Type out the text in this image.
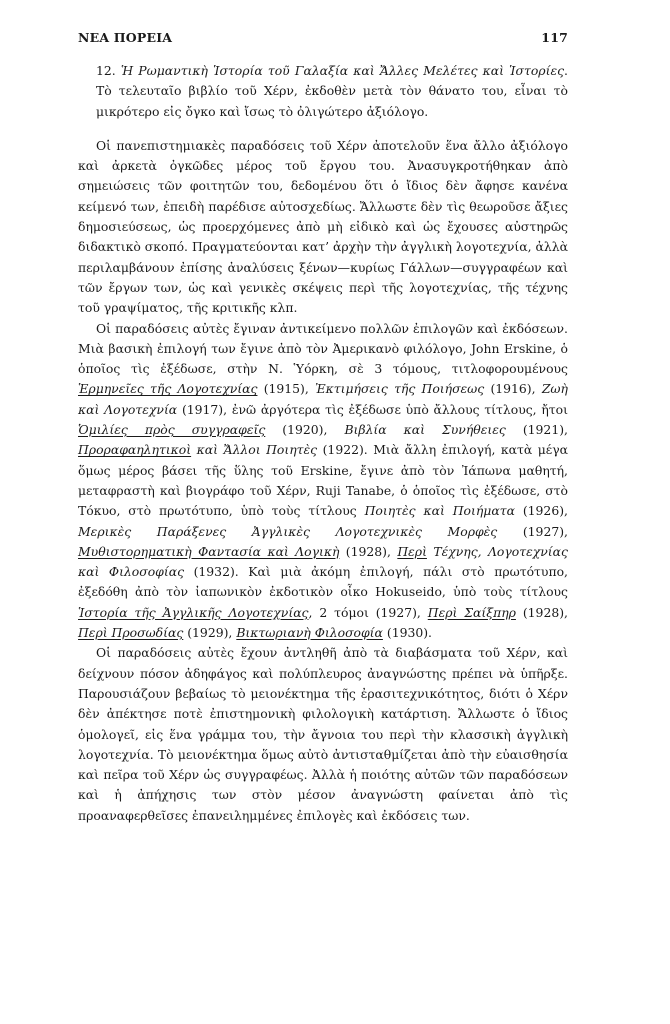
ΝΕΑ ΠΟΡΕΙΑ	117

12. Ἡ Ρωμαντικὴ Ἱστορία τοῦ Γαλαξία καὶ Ἄλλες Μελέτες καὶ Ἱστορίες. Τὸ τελευταῖο βιβλίο τοῦ Χέρν, ἐκδοθὲν μετὰ τὸν θάνατο του, εἶναι τὸ μικρότερο εἰς ὄγκο καὶ ἴσως τὸ ὀλιγώτερο ἀξιόλογο.

Οἱ πανεπιστημιακὲς παραδόσεις τοῦ Χέρν ἀποτελοῦν ἕνα ἄλλο ἀξιόλογο καὶ ἀρκετὰ ὀγκῶδες μέρος τοῦ ἔργου του. Ἀνασυγκροτήθηκαν ἀπὸ σημειώσεις τῶν φοιτητῶν του, δεδομένου ὅτι ὁ ἴδιος δὲν ἄφησε κανένα κείμενό των, ἐπειδὴ παρέδισε αὐτοσχεδίως. Ἄλλωστε δὲν τὶς θεωροῦσε ἄξιες δημοσιεύσεως, ὡς προερχόμενες ἀπὸ μὴ εἰδικὸ καὶ ὡς ἔχουσες αὐστηρῶς διδακτικὸ σκοπό. Πραγματεύονται κατ’ ἀρχὴν τὴν ἀγγλικὴ λογοτεχνία, ἀλλὰ περιλαμβάνουν ἐπίσης ἀναλύσεις ξένων—κυρίως Γάλλων—συγγραφέων καὶ τῶν ἔργων των, ὡς καὶ γενικὲς σκέψεις περὶ τῆς λογοτεχνίας, τῆς τέχνης τοῦ γραψίματος, τῆς κριτικῆς κλπ.

Οἱ παραδόσεις αὐτὲς ἔγιναν ἀντικείμενο πολλῶν ἐπιλογῶν καὶ ἐκδόσεων. Μιὰ βασικὴ ἐπιλογή των ἔγινε ἀπὸ τὸν Ἀμερικανὸ φιλόλογο, John Erskine, ὁ ὁποῖος τὶς ἐξέδωσε, στὴν Ν. Ὑόρκη, σὲ 3 τόμους, τιτλοφορουμένους Ἑρμηνεῖες τῆς Λογοτεχνίας (1915), Ἐκτιμήσεις τῆς Ποιήσεως (1916), Ζωὴ καὶ Λογοτεχνία (1917), ἐνῶ ἀργότερα τὶς ἐξέδωσε ὑπὸ ἄλλους τίτλους, ἤτοι Ὁμιλίες πρὸς συγγραφεῖς (1920), Βιβλία καὶ Συνήθειες (1921), Προραφαηλητικοὶ καὶ Ἄλλοι Ποιητὲς (1922). Μιὰ ἄλλη ἐπιλογή, κατὰ μέγα ὅμως μέρος βάσει τῆς ὕλης τοῦ Erskine, ἔγινε ἀπὸ τὸν Ἰάπωνα μαθητή, μεταφραστὴ καὶ βιογράφο τοῦ Χέρν, Ruji Tanabe, ὁ ὁποῖος τὶς ἐξέδωσε, στὸ Τόκυο, στὸ πρωτότυπο, ὑπὸ τοὺς τίτλους Ποιητὲς καὶ Ποιήματα (1926), Μερικὲς Παράξενες Ἀγγλικὲς Λογοτεχνικὲς Μορφὲς (1927), Μυθιστορηματικὴ Φαντασία καὶ Λογικὴ (1928), Περὶ Τέχνης, Λογοτεχνίας καὶ Φιλοσοφίας (1932). Καὶ μιὰ ἀκόμη ἐπιλογή, πάλι στὸ πρωτότυπο, ἐξεδόθη ἀπὸ τὸν ἰαπωνικὸν ἐκδοτικὸν οἶκο Hokuseido, ὑπὸ τοὺς τίτλους Ἱστορία τῆς Ἀγγλικῆς Λογοτεχνίας, 2 τόμοι (1927), Περὶ Σαίξπηρ (1928), Περὶ Προσωδίας (1929), Βικτωριανὴ Φιλοσοφία (1930).

Οἱ παραδόσεις αὐτὲς ἔχουν ἀντληθῆ ἀπὸ τὰ διαβάσματα τοῦ Χέρν, καὶ δείχνουν πόσον ἀδηφάγος καὶ πολύπλευρος ἀναγνώστης πρέπει νὰ ὑπῆρξε. Παρουσιάζουν βεβαίως τὸ μειονέκτημα τῆς ἐρασιτεχνικότητος, διότι ὁ Χέρν δὲν ἀπέκτησε ποτὲ ἐπιστημονικὴ φιλολογικὴ κατάρτιση. Ἄλλωστε ὁ ἴδιος ὁμολογεῖ, εἰς ἕνα γράμμα του, τὴν ἄγνοια του περὶ τὴν κλασσικὴ ἀγγλικὴ λογοτεχνία. Τὸ μειονέκτημα ὅμως αὐτὸ ἀντισταθμίζεται ἀπὸ τὴν εὐαισθησία καὶ πεῖρα τοῦ Χέρν ὡς συγγραφέως. Ἀλλὰ ἡ ποιότης αὐτῶν τῶν παραδόσεων καὶ ἡ ἀπήχησις των στὸν μέσον ἀναγνώστη φαίνεται ἀπὸ τὶς προαναφερθεῖσες ἐπανειλημμένες ἐπιλογὲς καὶ ἐκδόσεις των.
